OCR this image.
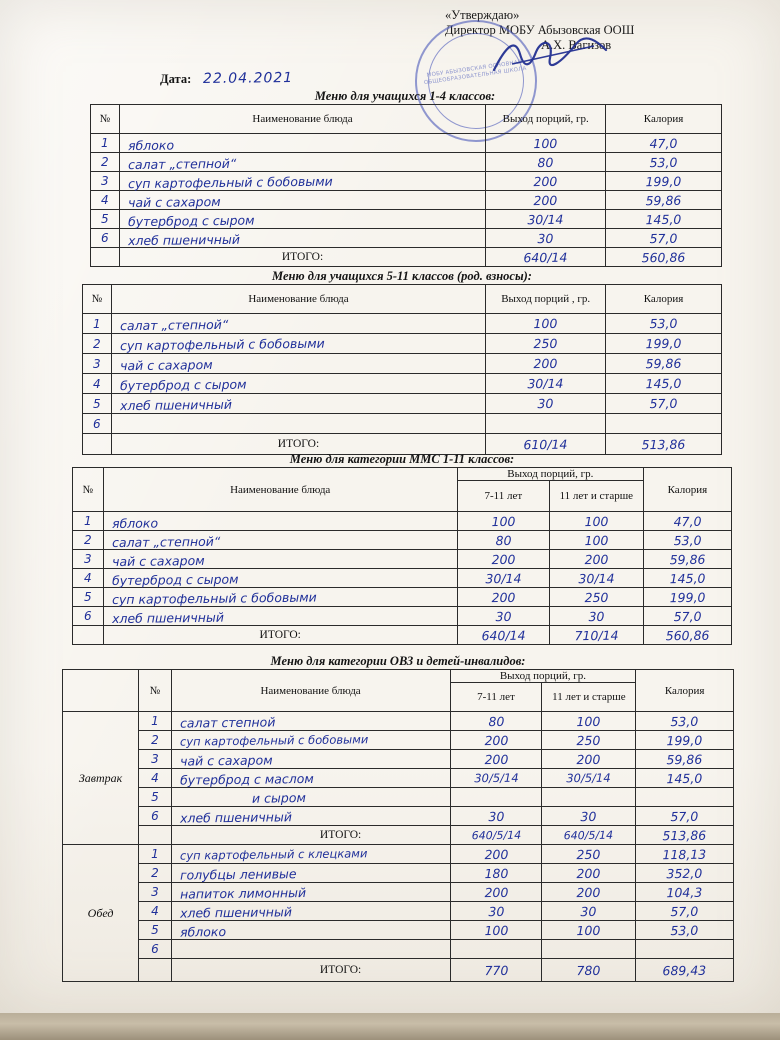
«Утверждаю»
Директор МОБУ Абызовская ООШ
А.Х. Вагизов
МОБУ АБЫЗОВСКАЯ ОСНОВНАЯ ОБЩЕОБРАЗОВАТЕЛЬНАЯ ШКОЛА
Дата: 22.04.2021
Меню для учащихся 1-4 классов:
№	Наименование блюда	Выход порций, гр.	Калория
1	яблоко	100	47,0

2	салат „степной“	80	53,0

3	суп картофельный с бобовыми	200	199,0

4	чай с сахаром	200	59,86

5	бутерброд с сыром	30/14	145,0

6	хлеб пшеничный	30	57,0

	ИТОГО:	640/14	560,86
Меню для учащихся 5-11 классов (род. взносы):
№	Наименование блюда	Выход порций , гр.	Калория
1	салат „степной“	100	53,0

2	суп картофельный с бобовыми	250	199,0

3	чай с сахаром	200	59,86

4	бутерброд с сыром	30/14	145,0

5	хлеб пшеничный	30	57,0

6	

	ИТОГО:	610/14	513,86
Меню для категории ММС 1-11 классов:
№	Наименование блюда	Выход порций, гр.		Калория
		7-11 лет	11 лет и старше	
1	яблоко	100	100	47,0

2	салат „степной“	80	100	53,0

3	чай с сахаром	200	200	59,86

4	бутерброд с сыром	30/14	30/14	145,0

5	суп картофельный с бобовыми	200	250	199,0

6	хлеб пшеничный	30	30	57,0

	ИТОГО:	640/14	710/14	560,86
Меню для категории ОВЗ и детей-инвалидов:
	№	Наименование блюда	Выход порций, гр.		Калория
			7-11 лет	11 лет и старше	
Завтрак	1	салат степной	80	100	53,0

	2	суп картофельный с бобовыми	200	250	199,0

	3	чай с сахаром	200	200	59,86

	4	бутерброд с маслом	30/5/14	30/5/14	145,0

	5	и сыром			

	6	хлеб пшеничный	30	30	57,0

		ИТОГО:	640/5/14	640/5/14	513,86

Обед	1	суп картофельный с клецками	200	250	118,13

	2	голубцы ленивые	180	200	352,0

	3	напиток лимонный	200	200	104,3

	4	хлеб пшеничный	30	30	57,0

	5	яблоко	100	100	53,0

	6	

		ИТОГО:	770	780	689,43
